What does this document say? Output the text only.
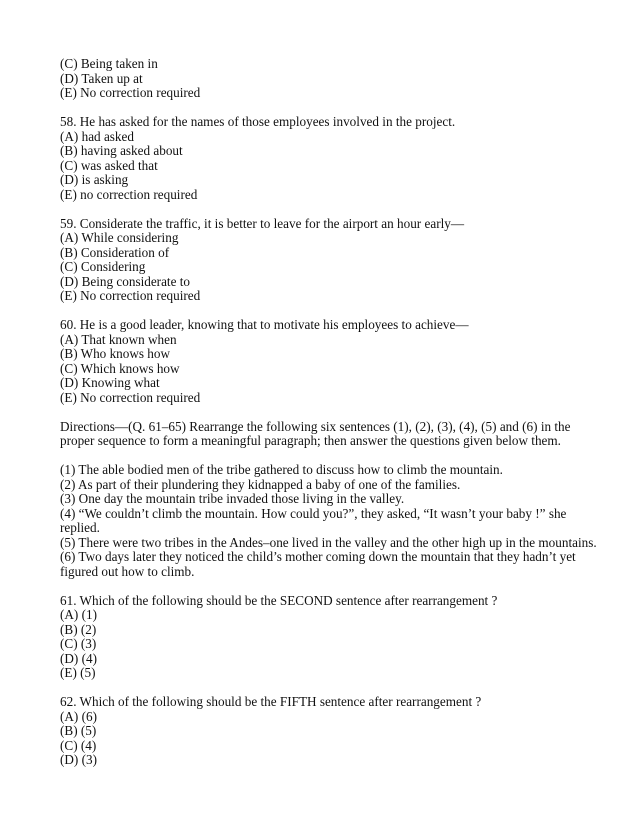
(C) Being taken in
(D) Taken up at
(E) No correction required
58. He has asked for the names of those employees involved in the project.
(A) had asked
(B) having asked about
(C) was asked that
(D) is asking
(E) no correction required
59. Considerate the traffic, it is better to leave for the airport an hour early—
(A) While considering
(B) Consideration of
(C) Considering
(D) Being considerate to
(E) No correction required
60. He is a good leader, knowing that to motivate his employees to achieve—
(A) That known when
(B) Who knows how
(C) Which knows how
(D) Knowing what
(E) No correction required
Directions—(Q. 61–65) Rearrange the following six sentences (1), (2), (3), (4), (5) and (6) in the
proper sequence to form a meaningful paragraph; then answer the questions given below them.
(1) The able bodied men of the tribe gathered to discuss how to climb the mountain.
(2) As part of their plundering they kidnapped a baby of one of the families.
(3) One day the mountain tribe invaded those living in the valley.
(4) “We couldn’t climb the mountain. How could you?”, they asked, “It wasn’t your baby !” she
replied.
(5) There were two tribes in the Andes–one lived in the valley and the other high up in the mountains.
(6) Two days later they noticed the child’s mother coming down the mountain that they hadn’t yet
figured out how to climb.
61. Which of the following should be the SECOND sentence after rearrangement ?
(A) (1)
(B) (2)
(C) (3)
(D) (4)
(E) (5)
62. Which of the following should be the FIFTH sentence after rearrangement ?
(A) (6)
(B) (5)
(C) (4)
(D) (3)
